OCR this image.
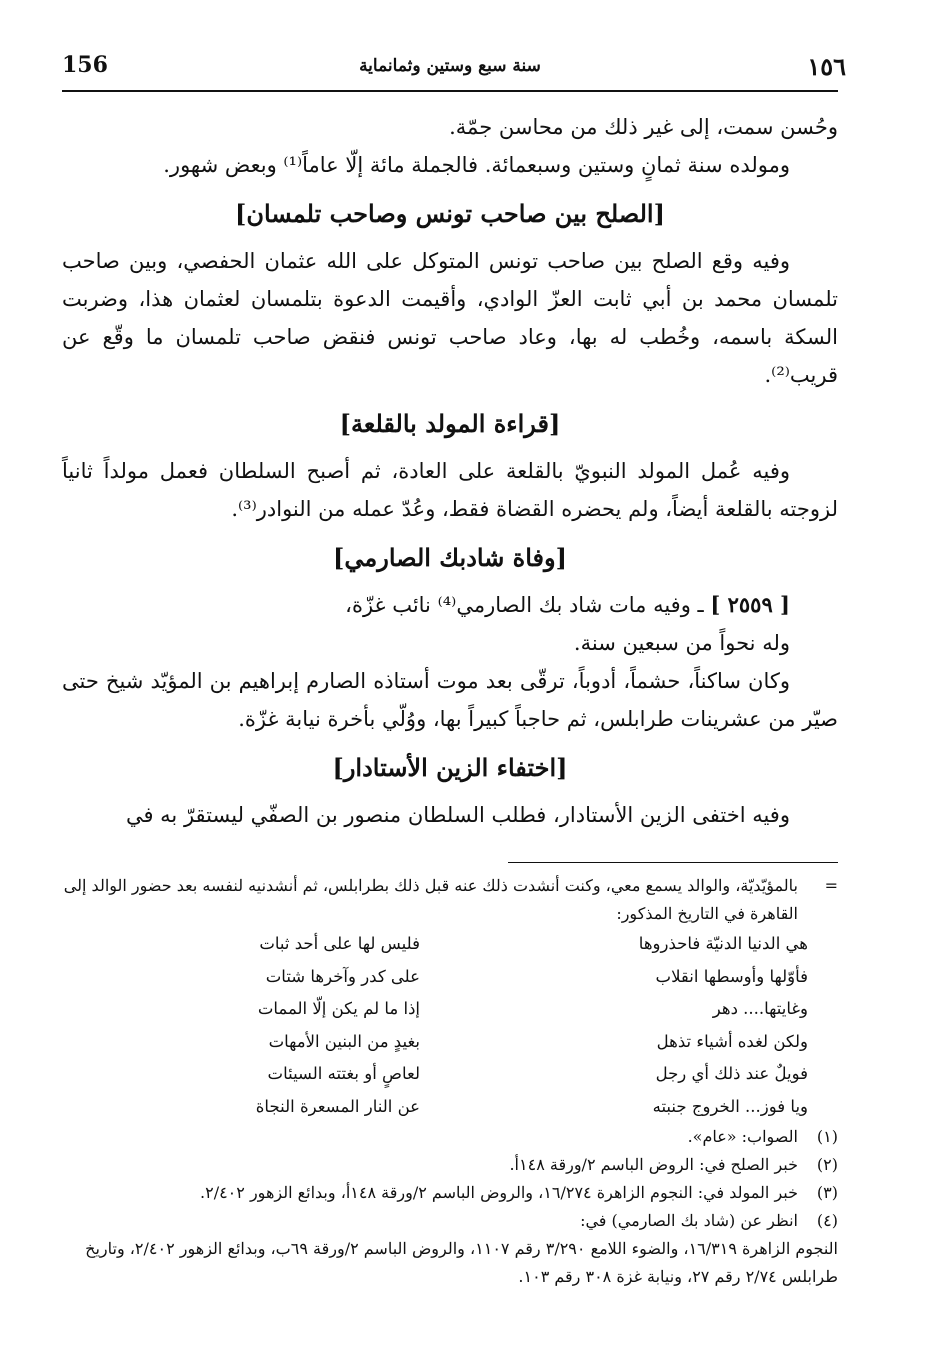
156	سنة سبع وستين وثمانماية	١٥٦

وحُسن سمت، إلى غير ذلك من محاسن جمّة.

ومولده سنة ثمانٍ وستين وسبعمائة. فالجملة مائة إلّا عاماً⁽¹⁾ وبعض شهور.

[الصلح بين صاحب تونس وصاحب تلمسان]

وفيه وقع الصلح بين صاحب تونس المتوكل على الله عثمان الحفصي، وبين صاحب تلمسان محمد بن أبي ثابت العزّ الوادي، وأقيمت الدعوة بتلمسان لعثمان هذا، وضربت السكة باسمه، وخُطب له بها، وعاد صاحب تونس فنقض صاحب تلمسان ما وقّع عن قريب⁽²⁾.

[قراءة المولد بالقلعة]

وفيه عُمل المولد النبويّ بالقلعة على العادة، ثم أصبح السلطان فعمل مولداً ثانياً لزوجته بالقلعة أيضاً، ولم يحضره القضاة فقط، وعُدّ عمله من النوادر⁽³⁾.

[وفاة شادبك الصارمي]

[ ٢٥٥٩ ] ـ وفيه مات شاد بك الصارمي⁽⁴⁾ نائب غزّة،

وله نحواً من سبعين سنة.

وكان ساكناً، حشماً، أدوباً، ترقّى بعد موت أستاذه الصارم إبراهيم بن المؤيّد شيخ حتى صيّر من عشرينات طرابلس، ثم حاجباً كبيراً بها، ووُلّي بأخرة نيابة غزّة.

[اختفاء الزين الأستادار]

وفيه اختفى الزين الأستادار، فطلب السلطان منصور بن الصفّي ليستقرّ به في

=
بالمؤيّديّة، والوالد يسمع معي، وكنت أنشدت ذلك عنه قبل ذلك بطرابلس، ثم أنشدنيه لنفسه بعد حضور الوالد إلى القاهرة في التاريخ المذكور:
هي الدنيا الدنيّة فاحذروها
فليس لها على أحد ثبات
فأوّلها وأوسطها انقلاب
على كدر وآخرها شتات
وغايتها.... دهر
إذا ما لم يكن إلّا الممات
ولكن لغده أشياء تذهل
بغيدٍ من البنين الأمهات
فويلٌ عند ذلك أي رجل
لعاصٍ أو بغتته السيئات
ويا فوز... الخروج جنبته
عن النار المسعرة النجاة
(١)
الصواب: «عام».
(٢)
خبر الصلح في: الروض الباسم ٢/ورقة ١٤٨أ.
(٣)
خبر المولد في: النجوم الزاهرة ١٦/٢٧٤، والروض الباسم ٢/ورقة ١٤٨أ، وبدائع الزهور ٢/٤٠٢.
(٤)
انظر عن (شاد بك الصارمي) في:

النجوم الزاهرة ١٦/٣١٩، والضوء اللامع ٣/٢٩٠ رقم ١١٠٧، والروض الباسم ٢/ورقة ٦٩ب، وبدائع الزهور ٢/٤٠٢، وتاريخ طرابلس ٢/٧٤ رقم ٢٧، ونيابة غزة ٣٠٨ رقم ١٠٣.
